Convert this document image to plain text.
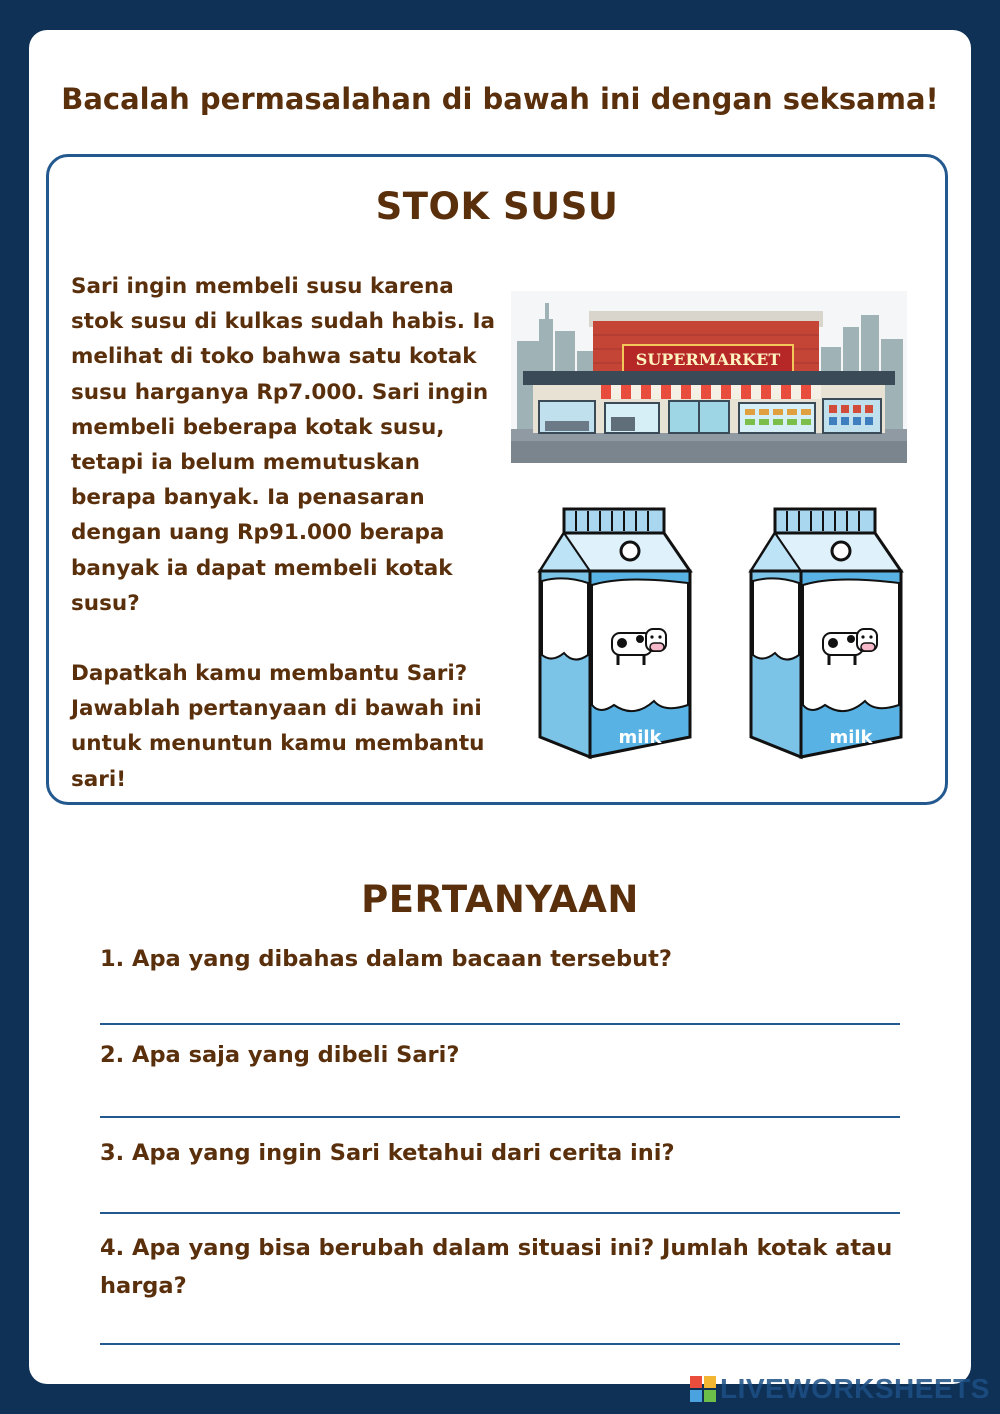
Bacalah permasalahan di bawah ini dengan seksama!
STOK SUSU

Sari ingin membeli susu karena stok susu di kulkas sudah habis. Ia melihat di toko bahwa satu kotak susu harganya Rp7.000. Sari ingin membeli beberapa kotak susu, tetapi ia belum memutuskan berapa banyak. Ia penasaran dengan uang Rp91.000 berapa banyak ia dapat membeli kotak susu?

Dapatkah kamu membantu Sari? Jawablah pertanyaan di bawah ini untuk menuntun kamu membantu sari!

SUPERMARKET
milk	milk
PERTANYAAN
1. Apa yang dibahas dalam bacaan tersebut?
2. Apa saja yang dibeli Sari?
3. Apa yang ingin Sari ketahui dari cerita ini?
4. Apa yang bisa berubah dalam situasi ini? Jumlah kotak atau harga?
LIVEWORKSHEETS
